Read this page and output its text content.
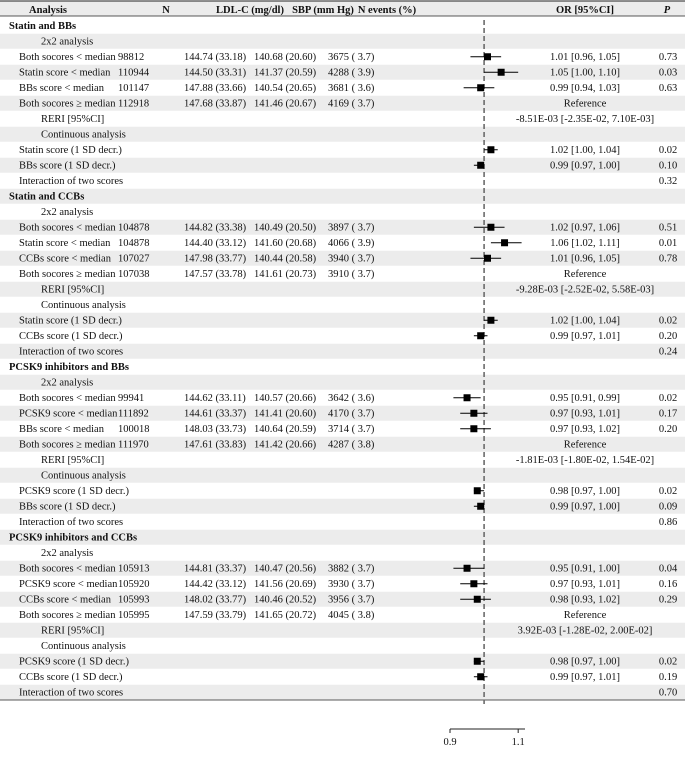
Analysis	N	LDL-C (mg/dl) SBP (mm Hg) N events (%)	OR [95%CI]	P
Statin and BBs
2x2 analysis
Both socores < median 98812	144.74 (33.18) 140.68 (20.60) 3675 ( 3.7)	1.01 [0.96, 1.05]	0.73
Statin score < median 110944	144.50 (33.31) 141.37 (20.59) 4288 ( 3.9)	1.05 [1.00, 1.10]	0.03
BBs score < median 101147	147.88 (33.66) 140.54 (20.65) 3681 ( 3.6)	0.99 [0.94, 1.03]	0.63
Both socores ≥ median 112918	147.68 (33.87) 141.46 (20.67) 4169 ( 3.7)	Reference
RERI [95%CI]	-8.51E-03 [-2.35E-02, 7.10E-03]
Continuous analysis
Statin score (1 SD decr.)	1.02 [1.00, 1.04]	0.02
BBs score (1 SD decr.)	0.99 [0.97, 1.00]	0.10
Interaction of two scores	0.32
Statin and CCBs
2x2 analysis
Both socores < median 104878	144.82 (33.38) 140.49 (20.50) 3897 ( 3.7)	1.02 [0.97, 1.06]	0.51
Statin score < median 104878	144.40 (33.12) 141.60 (20.68) 4066 ( 3.9)	1.06 [1.02, 1.11]	0.01
CCBs score < median 107027	147.98 (33.77) 140.44 (20.58) 3940 ( 3.7)	1.01 [0.96, 1.05]	0.78
Both socores ≥ median 107038	147.57 (33.78) 141.61 (20.73) 3910 ( 3.7)	Reference
RERI [95%CI]	-9.28E-03 [-2.52E-02, 5.58E-03]
Continuous analysis
Statin score (1 SD decr.)	1.02 [1.00, 1.04]	0.02
CCBs score (1 SD decr.)	0.99 [0.97, 1.01]	0.20
Interaction of two scores	0.24
PCSK9 inhibitors and BBs
2x2 analysis
Both socores < median 99941	144.62 (33.11) 140.57 (20.66) 3642 ( 3.6)	0.95 [0.91, 0.99]	0.02
PCSK9 score < median 111892	144.61 (33.37) 141.41 (20.60) 4170 ( 3.7)	0.97 [0.93, 1.01]	0.17
BBs score < median 100018	148.03 (33.73) 140.64 (20.59) 3714 ( 3.7)	0.97 [0.93, 1.02]	0.20
Both socores ≥ median 111970	147.61 (33.83) 141.42 (20.66) 4287 ( 3.8)	Reference
RERI [95%CI]	-1.81E-03 [-1.80E-02, 1.54E-02]
Continuous analysis
PCSK9 score (1 SD decr.)	0.98 [0.97, 1.00]	0.02
BBs score (1 SD decr.)	0.99 [0.97, 1.00]	0.09
Interaction of two scores	0.86
PCSK9 inhibitors and CCBs
2x2 analysis
Both socores < median 105913	144.81 (33.37) 140.47 (20.56) 3882 ( 3.7)	0.95 [0.91, 1.00]	0.04
PCSK9 score < median 105920	144.42 (33.12) 141.56 (20.69) 3930 ( 3.7)	0.97 [0.93, 1.01]	0.16
CCBs score < median 105993	148.02 (33.77) 140.46 (20.52) 3956 ( 3.7)	0.98 [0.93, 1.02]	0.29
Both socores ≥ median 105995	147.59 (33.79) 141.65 (20.72) 4045 ( 3.8)	Reference
RERI [95%CI]	3.92E-03 [-1.28E-02, 2.00E-02]
Continuous analysis
PCSK9 score (1 SD decr.)	0.98 [0.97, 1.00]	0.02
CCBs score (1 SD decr.)	0.99 [0.97, 1.01]	0.19
Interaction of two scores	0.70
0.9	1.1
